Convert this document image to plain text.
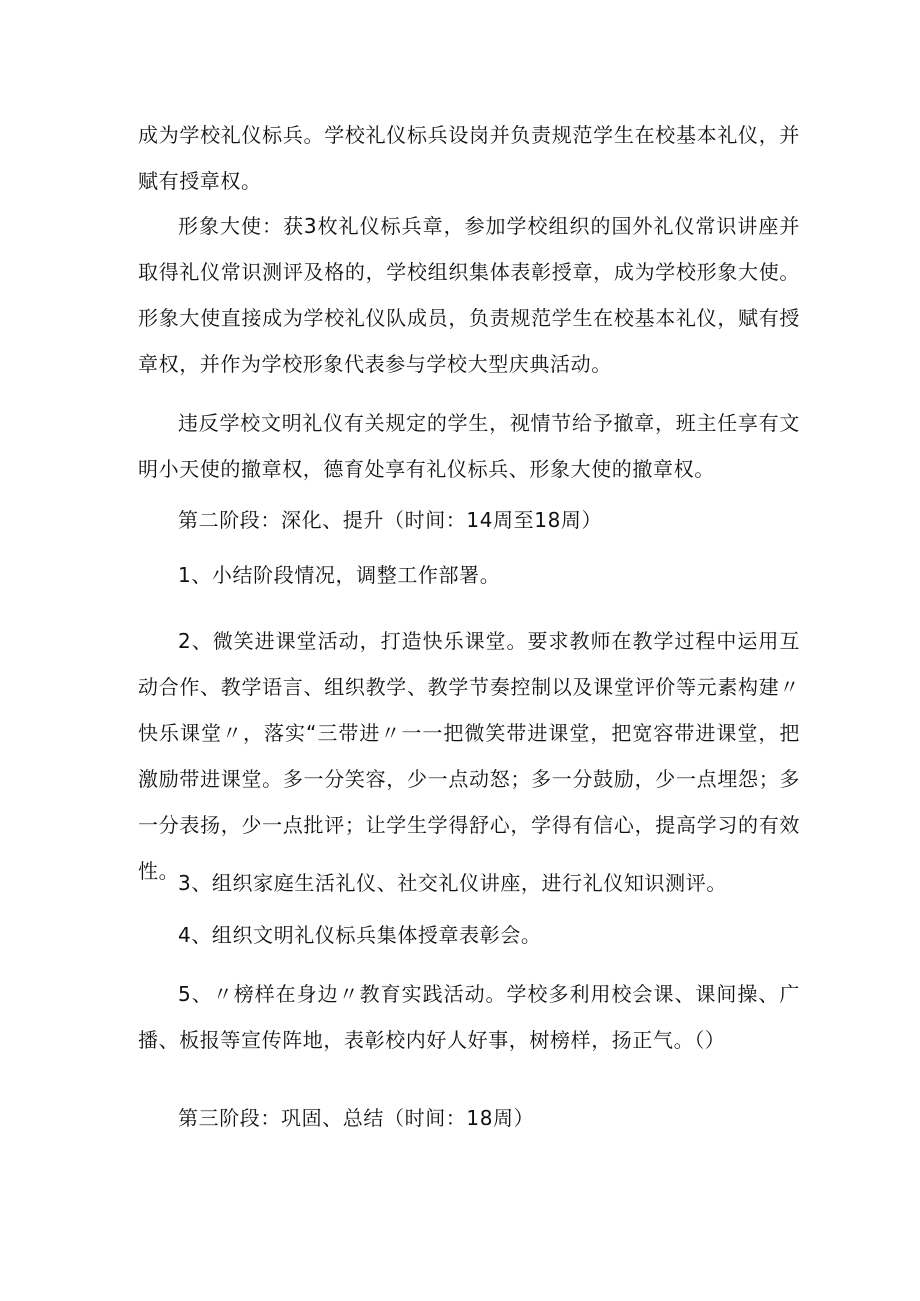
成为学校礼仪标兵。学校礼仪标兵设岗并负责规范学生在校基本礼仪，并赋有授章权。

形象大使：获3枚礼仪标兵章，参加学校组织的国外礼仪常识讲座并取得礼仪常识测评及格的，学校组织集体表彰授章，成为学校形象大使。形象大使直接成为学校礼仪队成员，负责规范学生在校基本礼仪，赋有授章权，并作为学校形象代表参与学校大型庆典活动。

违反学校文明礼仪有关规定的学生，视情节给予撤章，班主任享有文明小天使的撤章权，德育处享有礼仪标兵、形象大使的撤章权。

第二阶段：深化、提升（时间：14周至18周）

1、小结阶段情况，调整工作部署。

2、微笑进课堂活动，打造快乐课堂。要求教师在教学过程中运用互动合作、教学语言、组织教学、教学节奏控制以及课堂评价等元素构建〃快乐课堂〃，落实“三带进〃一一把微笑带进课堂，把宽容带进课堂，把激励带进课堂。多一分笑容，少一点动怒；多一分鼓励，少一点埋怨；多一分表扬，少一点批评；让学生学得舒心，学得有信心，提高学习的有效性。

3、组织家庭生活礼仪、社交礼仪讲座，进行礼仪知识测评。

4、组织文明礼仪标兵集体授章表彰会。

5、〃榜样在身边〃教育实践活动。学校多利用校会课、课间操、广播、板报等宣传阵地，表彰校内好人好事，树榜样，扬正气。（）

第三阶段：巩固、总结（时间：18周）
